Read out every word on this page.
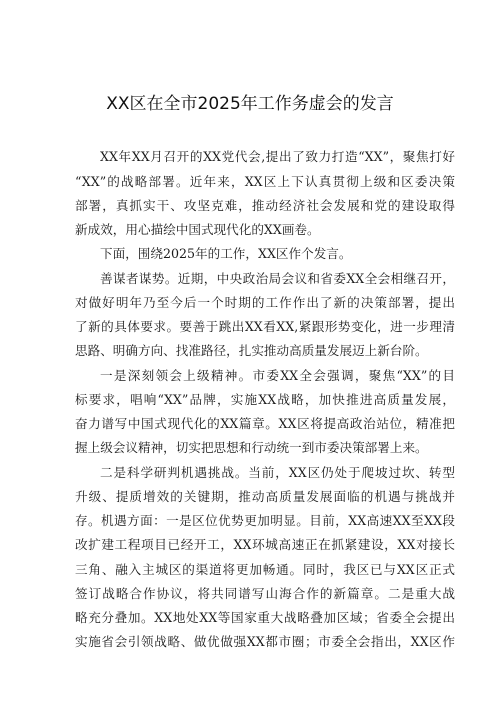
XX区在全市2025年工作务虚会的发言
XX年XX月召开的XX党代会,提出了致力打造“XX”，聚焦打好
“XX”的战略部署。近年来，XX区上下认真贯彻上级和区委决策
部署，真抓实干、攻坚克难，推动经济社会发展和党的建设取得
新成效，用心描绘中国式现代化的XX画卷。
下面，围绕2025年的工作，XX区作个发言。
善谋者谋势。近期，中央政治局会议和省委XX全会相继召开，
对做好明年乃至今后一个时期的工作作出了新的决策部署，提出
了新的具体要求。要善于跳出XX看XX,紧跟形势变化，进一步理清
思路、明确方向、找准路径，扎实推动高质量发展迈上新台阶。
一是深刻领会上级精神。市委XX全会强调，聚焦“XX”的目
标要求，唱响“XX”品牌，实施XX战略，加快推进高质量发展，
奋力谱写中国式现代化的XX篇章。XX区将提高政治站位，精准把
握上级会议精神，切实把思想和行动统一到市委决策部署上来。
二是科学研判机遇挑战。当前，XX区仍处于爬坡过坎、转型
升级、提质增效的关键期，推动高质量发展面临的机遇与挑战并
存。机遇方面：一是区位优势更加明显。目前，XX高速XX至XX段
改扩建工程项目已经开工，XX环城高速正在抓紧建设，XX对接长
三角、融入主城区的渠道将更加畅通。同时，我区已与XX区正式
签订战略合作协议，将共同谱写山海合作的新篇章。二是重大战
略充分叠加。XX地处XX等国家重大战略叠加区域；省委全会提出
实施省会引领战略、做优做强XX都市圈；市委全会指出，XX区作
